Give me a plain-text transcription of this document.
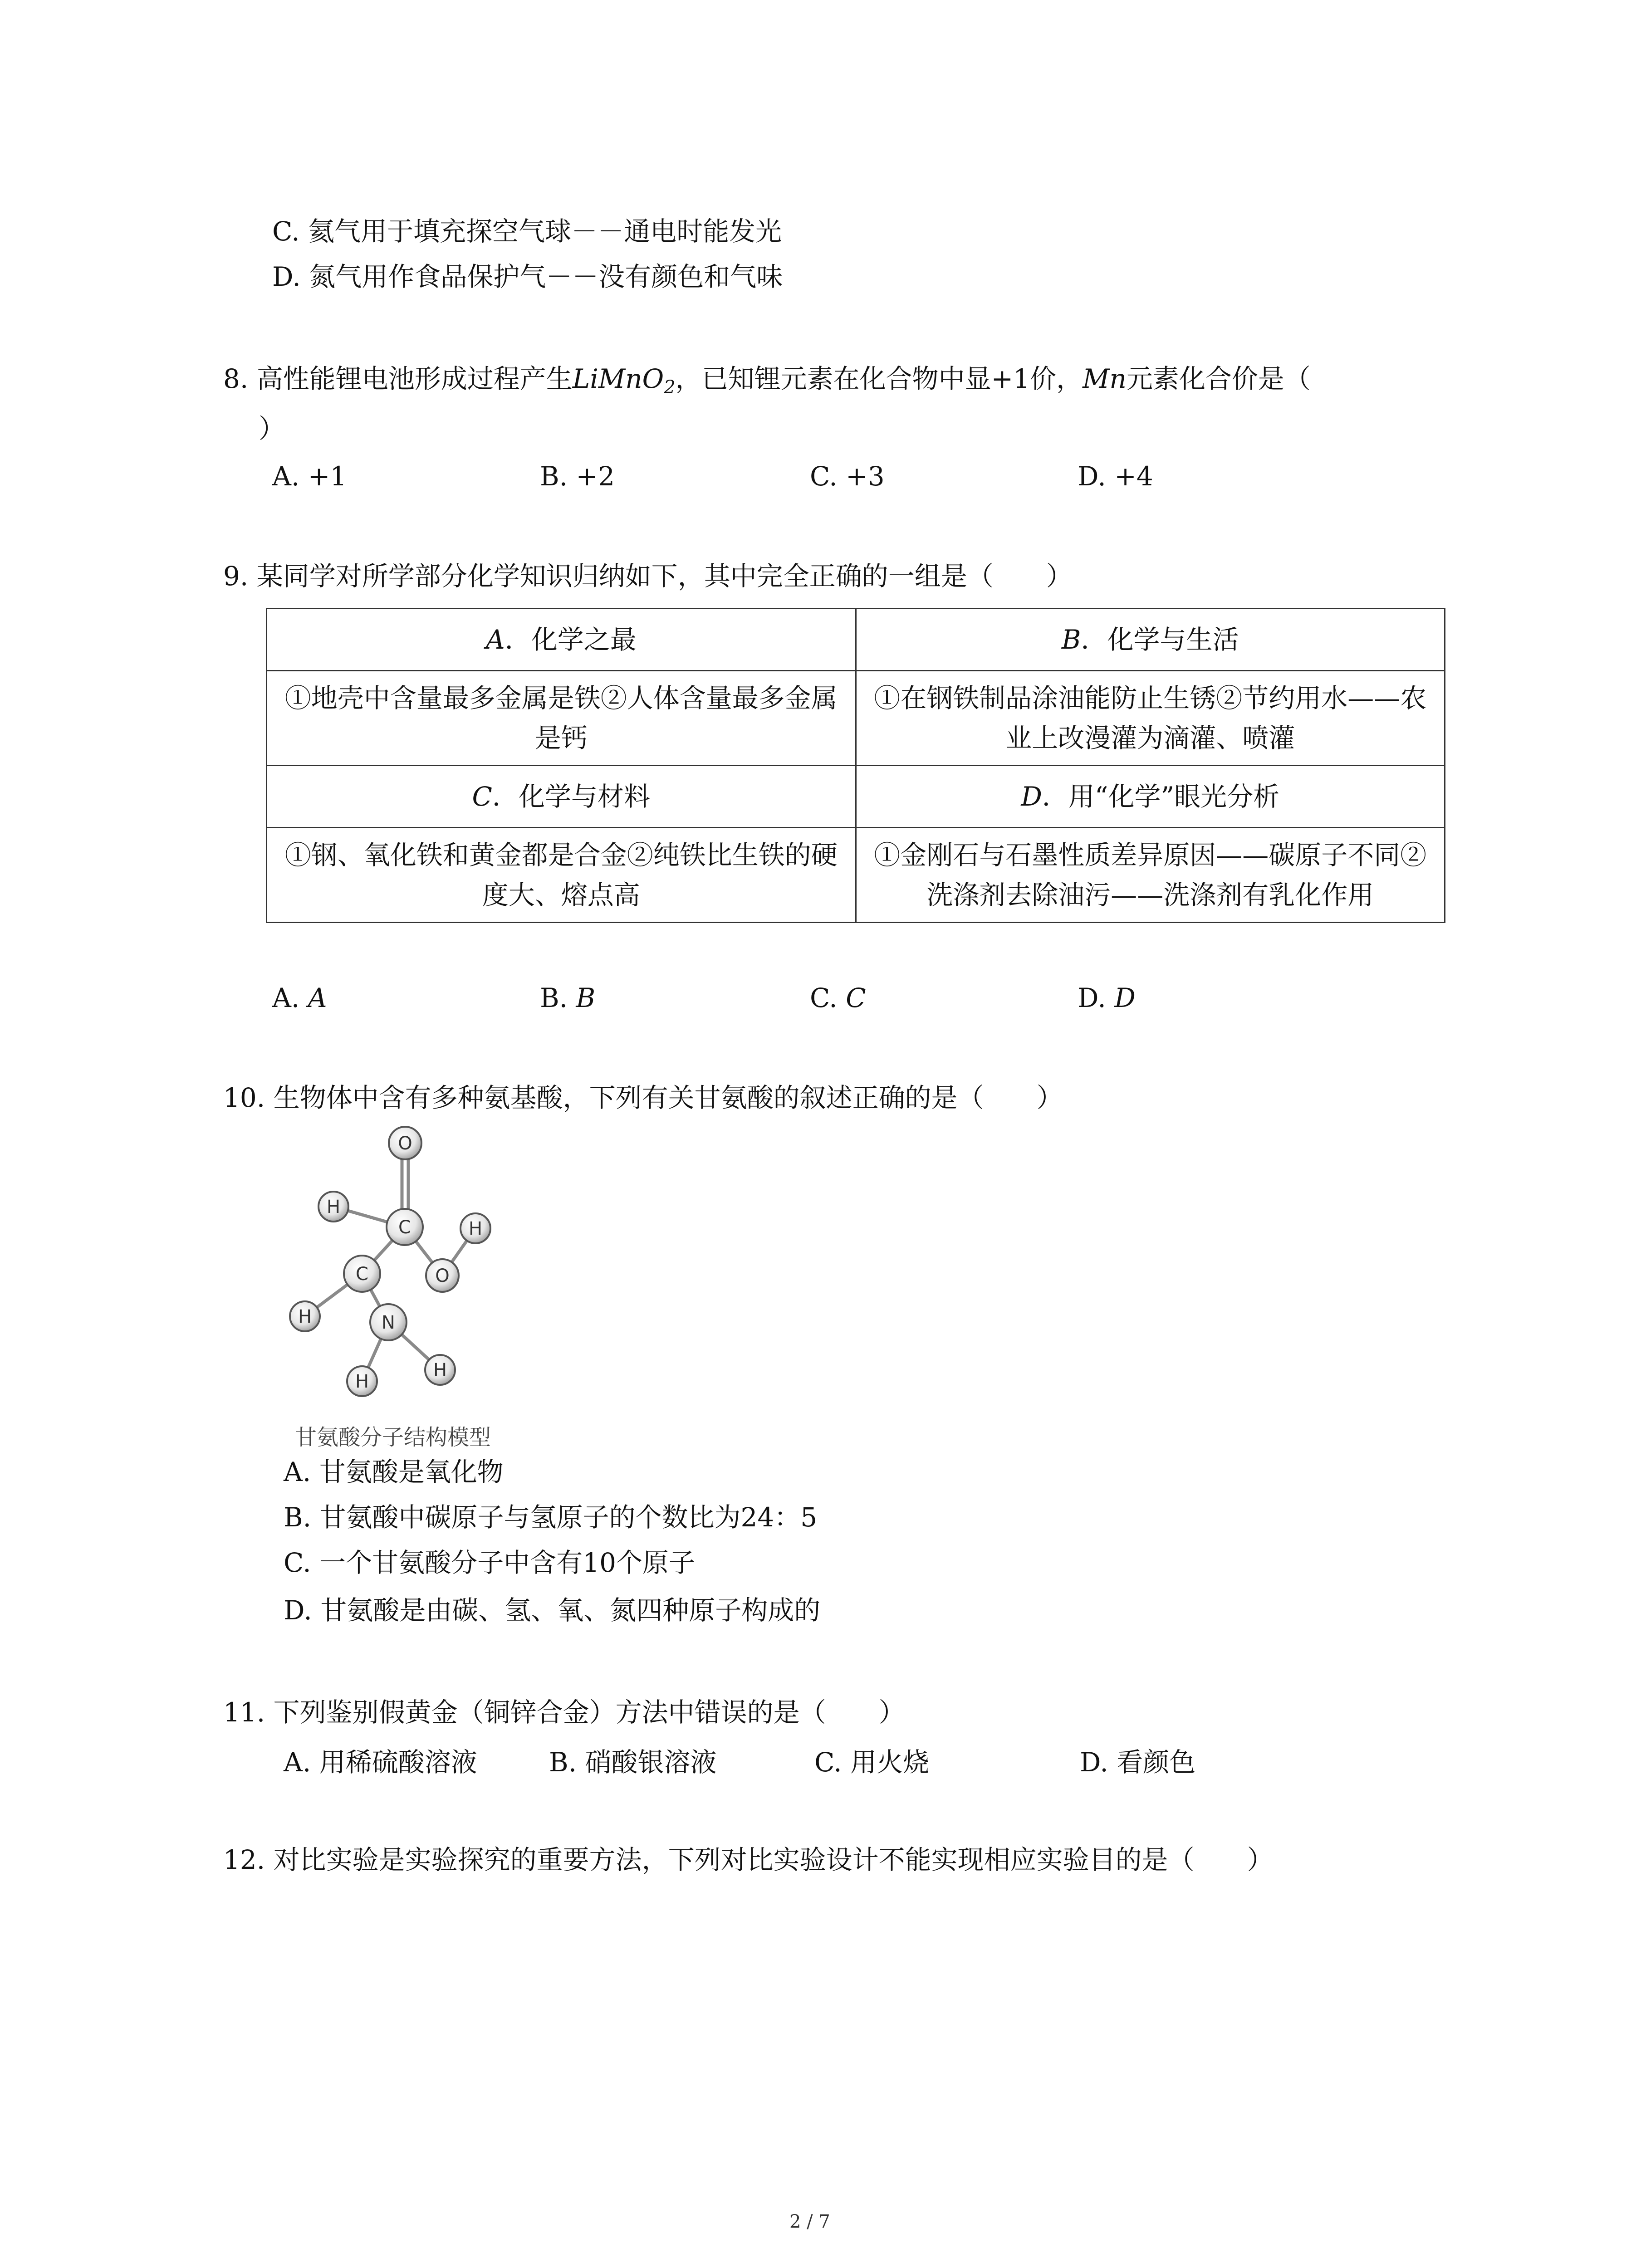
C. 氦气用于填充探空气球－－通电时能发光
D. 氮气用作食品保护气－－没有颜色和气味
8. 高性能锂电池形成过程产生LiMnO$_2$，已知锂元素在化合物中显+1价，Mn元素化合价是（
）
A. +1	B. +2	C. +3	D. +4
9. 某同学对所学部分化学知识归纳如下，其中完全正确的一组是（　　）
A．化学之最	B．化学与生活
①地壳中含量最多金属是铁②人体含量最多金属是钙	①在钢铁制品涂油能防止生锈②节约用水——农业上改漫灌为滴灌、喷灌
C．化学与材料	D．用“化学”眼光分析
①钢、氧化铁和黄金都是合金②纯铁比生铁的硬度大、熔点高	①金刚石与石墨性质差异原因——碳原子不同②洗涤剂去除油污——洗涤剂有乳化作用
A. A	B. B	C. C	D. D
10. 生物体中含有多种氨基酸，下列有关甘氨酸的叙述正确的是（　　）
O
C
H
H
C	O
H	N
H
H
甘氨酸分子结构模型
A. 甘氨酸是氧化物
B. 甘氨酸中碳原子与氢原子的个数比为24：5
C. 一个甘氨酸分子中含有10个原子
D. 甘氨酸是由碳、氢、氧、氮四种原子构成的
11. 下列鉴别假黄金（铜锌合金）方法中错误的是（　　）
A. 用稀硫酸溶液	B. 硝酸银溶液	C. 用火烧	D. 看颜色
12. 对比实验是实验探究的重要方法，下列对比实验设计不能实现相应实验目的是（　　）
2 / 7
